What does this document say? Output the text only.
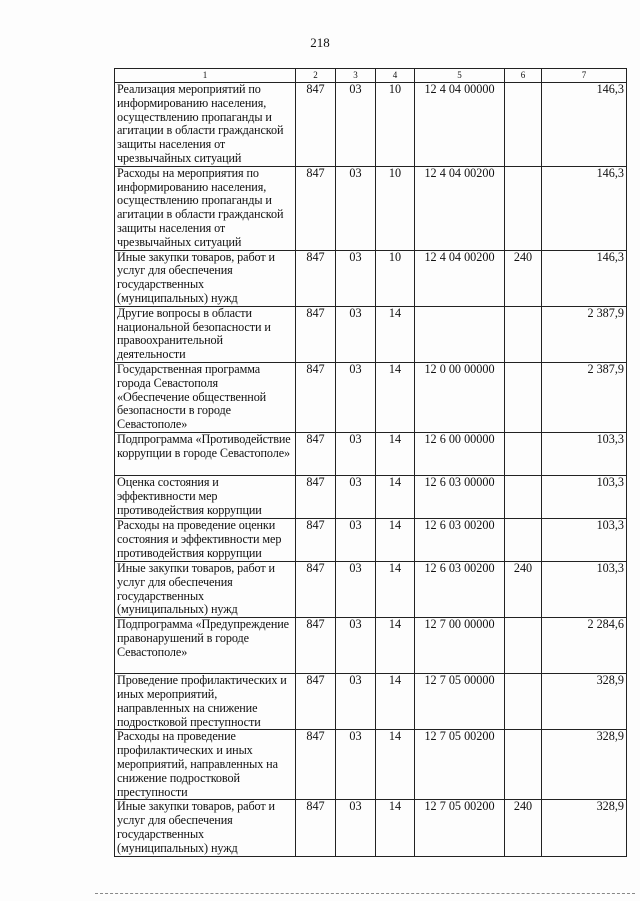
218
1	2	3	4	5	6	7
Реализация мероприятий по информированию населения, осуществлению пропаганды и агитации в области гражданской защиты населения от чрезвычайных ситуаций	847	03	10	12 4 04 00000		146,3
Расходы на мероприятия по информированию населения, осуществлению пропаганды и агитации в области гражданской защиты населения от чрезвычайных ситуаций	847	03	10	12 4 04 00200		146,3
Иные закупки товаров, работ и услуг для обеспечения государственных (муниципальных) нужд	847	03	10	12 4 04 00200	240	146,3
Другие вопросы в области национальной безопасности и правоохранительной деятельности	847	03	14			2 387,9
Государственная программа города Севастополя «Обеспечение общественной безопасности в городе Севастополе»	847	03	14	12 0 00 00000		2 387,9
Подпрограмма «Противодействие коррупции в городе Севастополе»	847	03	14	12 6 00 00000		103,3
Оценка состояния и эффективности мер противодействия коррупции	847	03	14	12 6 03 00000		103,3
Расходы на проведение оценки состояния и эффективности мер противодействия коррупции	847	03	14	12 6 03 00200		103,3
Иные закупки товаров, работ и услуг для обеспечения государственных (муниципальных) нужд	847	03	14	12 6 03 00200	240	103,3
Подпрограмма «Предупреждение правонарушений в городе Севастополе»	847	03	14	12 7 00 00000		2 284,6
Проведение профилактических и иных мероприятий, направленных на снижение подростковой преступности	847	03	14	12 7 05 00000		328,9
Расходы на проведение профилактических и иных мероприятий, направленных на снижение подростковой преступности	847	03	14	12 7 05 00200		328,9
Иные закупки товаров, работ и услуг для обеспечения государственных (муниципальных) нужд	847	03	14	12 7 05 00200	240	328,9
